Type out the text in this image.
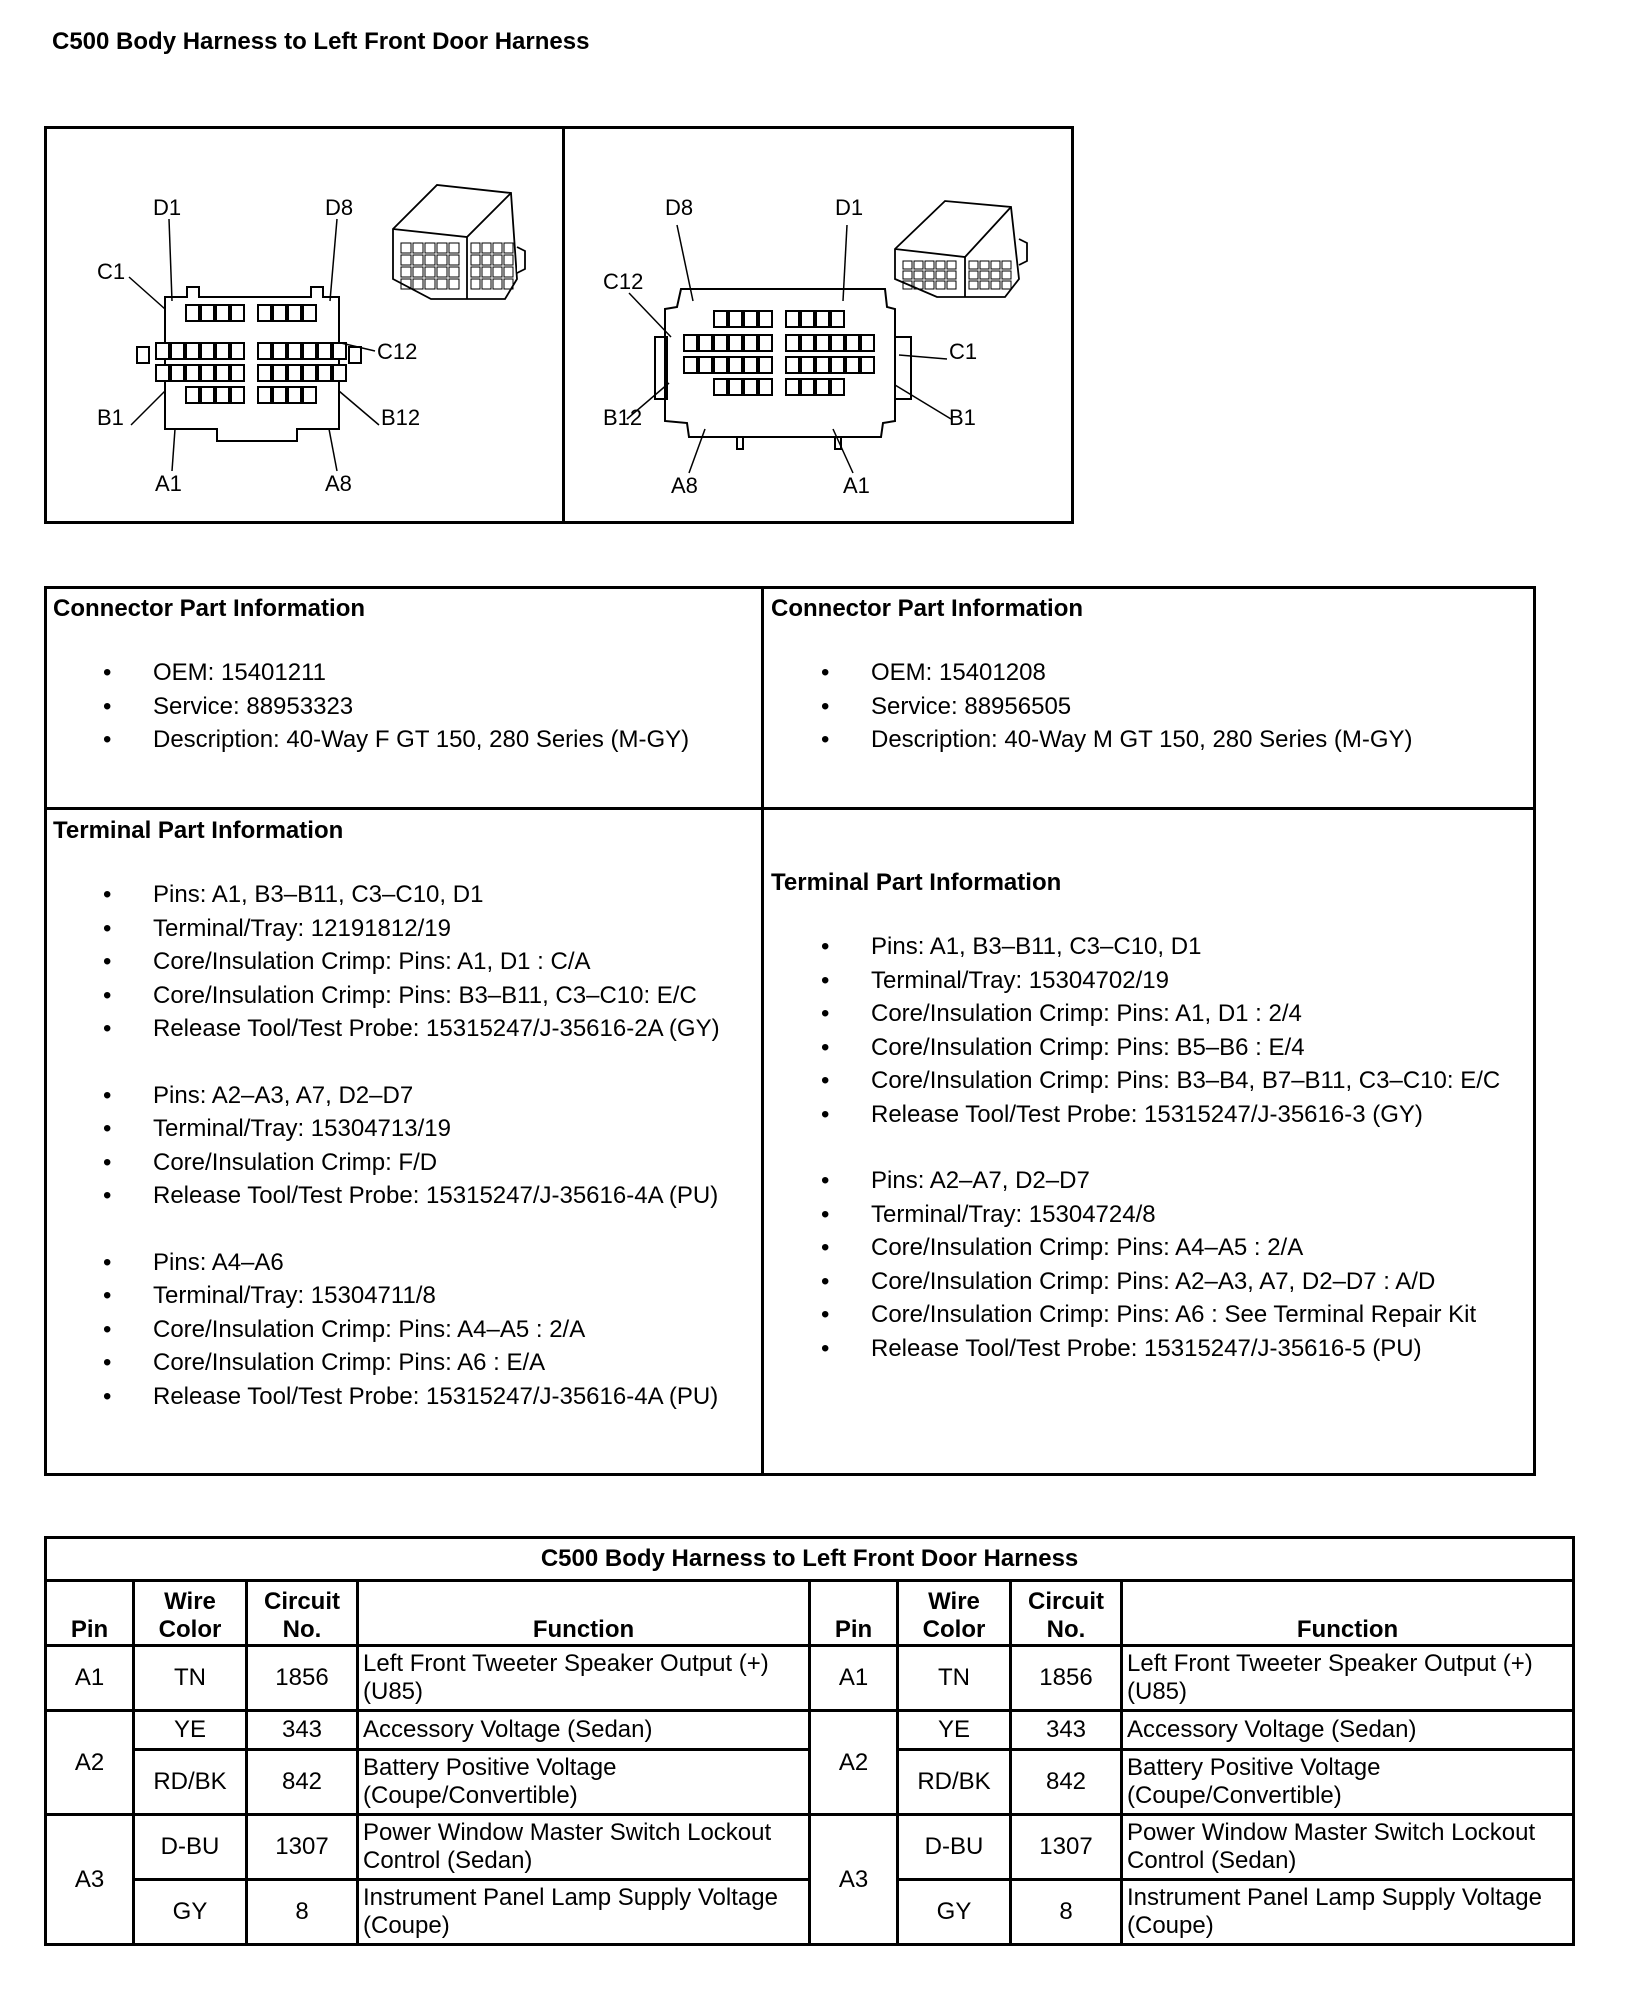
C500 Body Harness to Left Front Door Harness
D1	D8
C1
C12
B1	B12
A1	A8
D8	D1
C12
C1
B12	B1
A8	A1
Connector Part Information
• OEM: 15401211
• Service: 88953323
• Description: 40-Way F GT 150, 280 Series (M-GY)
Connector Part Information
• OEM: 15401208
• Service: 88956505
• Description: 40-Way M GT 150, 280 Series (M-GY)
Terminal Part Information
• Pins: A1, B3–B11, C3–C10, D1
• Terminal/Tray: 12191812/19
• Core/Insulation Crimp: Pins: A1, D1 : C/A
• Core/Insulation Crimp: Pins: B3–B11, C3–C10: E/C
• Release Tool/Test Probe: 15315247/J-35616-2A (GY)
• Pins: A2–A3, A7, D2–D7
• Terminal/Tray: 15304713/19
• Core/Insulation Crimp: F/D
• Release Tool/Test Probe: 15315247/J-35616-4A (PU)
• Pins: A4–A6
• Terminal/Tray: 15304711/8
• Core/Insulation Crimp: Pins: A4–A5 : 2/A
• Core/Insulation Crimp: Pins: A6 : E/A
• Release Tool/Test Probe: 15315247/J-35616-4A (PU)
Terminal Part Information
• Pins: A1, B3–B11, C3–C10, D1
• Terminal/Tray: 15304702/19
• Core/Insulation Crimp: Pins: A1, D1 : 2/4
• Core/Insulation Crimp: Pins: B5–B6 : E/4
• Core/Insulation Crimp: Pins: B3–B4, B7–B11, C3–C10: E/C
• Release Tool/Test Probe: 15315247/J-35616-3 (GY)
• Pins: A2–A7, D2–D7
• Terminal/Tray: 15304724/8
• Core/Insulation Crimp: Pins: A4–A5 : 2/A
• Core/Insulation Crimp: Pins: A2–A3, A7, D2–D7 : A/D
• Core/Insulation Crimp: Pins: A6 : See Terminal Repair Kit
• Release Tool/Test Probe: 15315247/J-35616-5 (PU)
C500 Body Harness to Left Front Door Harness							
Pin	Wire Color	Circuit No.	Function	Pin	Wire Color	Circuit No.	Function
A1	TN	1856	Left Front Tweeter Speaker Output (+) (U85)	A1	TN	1856	Left Front Tweeter Speaker Output (+) (U85)
A2	YE	343	Accessory Voltage (Sedan)	A2	YE	343	Accessory Voltage (Sedan)
	RD/BK	842	Battery Positive Voltage (Coupe/Convertible)		RD/BK	842	Battery Positive Voltage (Coupe/Convertible)
A3	D-BU	1307	Power Window Master Switch Lockout Control (Sedan)	A3	D-BU	1307	Power Window Master Switch Lockout Control (Sedan)
	GY	8	Instrument Panel Lamp Supply Voltage (Coupe)		GY	8	Instrument Panel Lamp Supply Voltage (Coupe)
